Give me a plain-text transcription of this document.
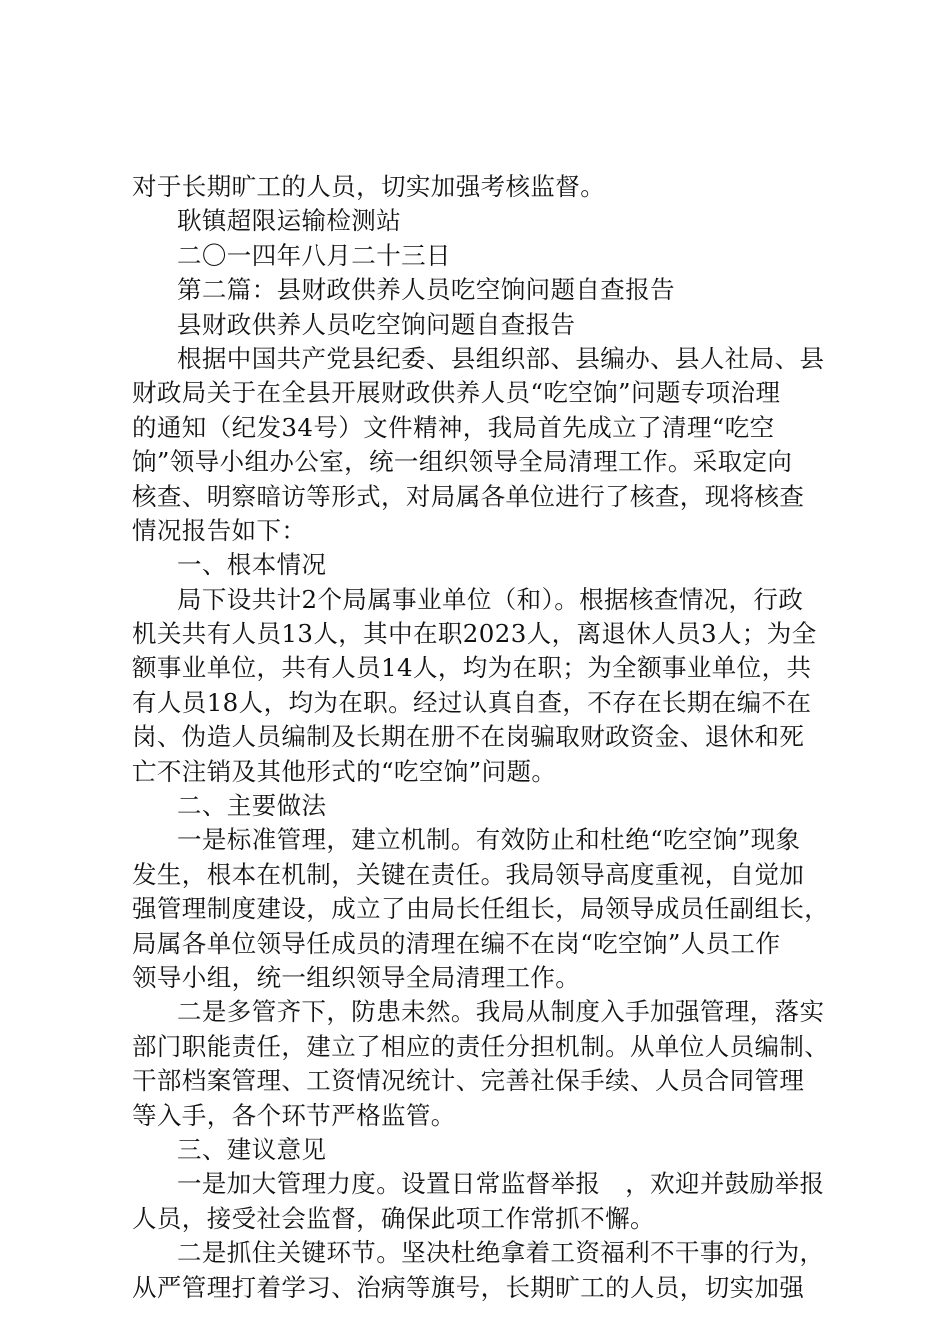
对于长期旷工的人员，切实加强考核监督。
耿镇超限运输检测站
二〇一四年八月二十三日
第二篇：县财政供养人员吃空饷问题自查报告
县财政供养人员吃空饷问题自查报告
根据中国共产党县纪委、县组织部、县编办、县人社局、县
财政局关于在全县开展财政供养人员“吃空饷”问题专项治理
的通知（纪发34号）文件精神，我局首先成立了清理“吃空
饷”领导小组办公室，统一组织领导全局清理工作。采取定向
核查、明察暗访等形式，对局属各单位进行了核查，现将核查
情况报告如下：
一、根本情况
局下设共计2个局属事业单位（和）。根据核查情况，行政
机关共有人员13人，其中在职2023人，离退休人员3人；为全
额事业单位，共有人员14人，均为在职；为全额事业单位，共
有人员18人，均为在职。经过认真自查，不存在长期在编不在
岗、伪造人员编制及长期在册不在岗骗取财政资金、退休和死
亡不注销及其他形式的“吃空饷”问题。
二、主要做法
一是标准管理，建立机制。有效防止和杜绝“吃空饷”现象
发生，根本在机制，关键在责任。我局领导高度重视，自觉加
强管理制度建设，成立了由局长任组长，局领导成员任副组长，
局属各单位领导任成员的清理在编不在岗“吃空饷”人员工作
领导小组，统一组织领导全局清理工作。
二是多管齐下，防患未然。我局从制度入手加强管理，落实
部门职能责任，建立了相应的责任分担机制。从单位人员编制、
干部档案管理、工资情况统计、完善社保手续、人员合同管理
等入手，各个环节严格监管。
三、建议意见
一是加大管理力度。设置日常监督举报　，欢迎并鼓励举报
人员，接受社会监督，确保此项工作常抓不懈。
二是抓住关键环节。坚决杜绝拿着工资福利不干事的行为，
从严管理打着学习、治病等旗号，长期旷工的人员，切实加强
